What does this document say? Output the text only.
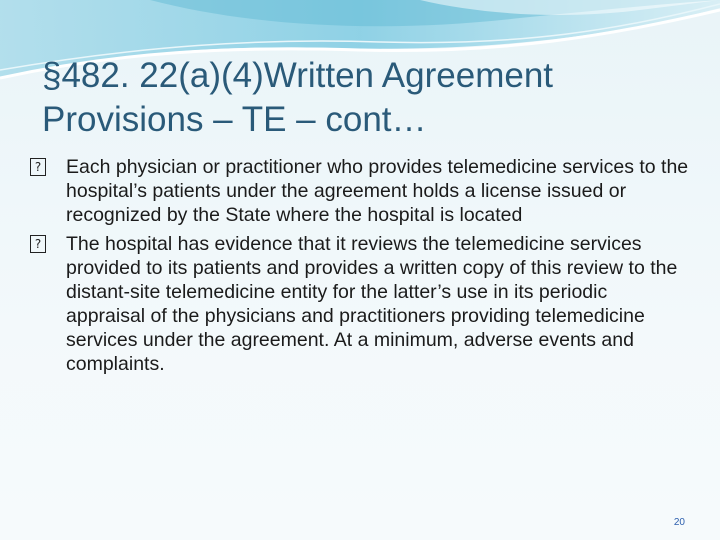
§482. 22(a)(4)Written Agreement
Provisions – TE – cont…
? Each physician or practitioner who provides telemedicine services to the hospital’s patients under the agreement holds a license issued or recognized by the State where the hospital is located
? The hospital has evidence that it reviews the telemedicine services provided to its patients and provides a written copy of this review to the distant-site telemedicine entity for the latter’s use in its periodic appraisal of the physicians and practitioners providing telemedicine services under the agreement. At a minimum, adverse events and complaints.
20
